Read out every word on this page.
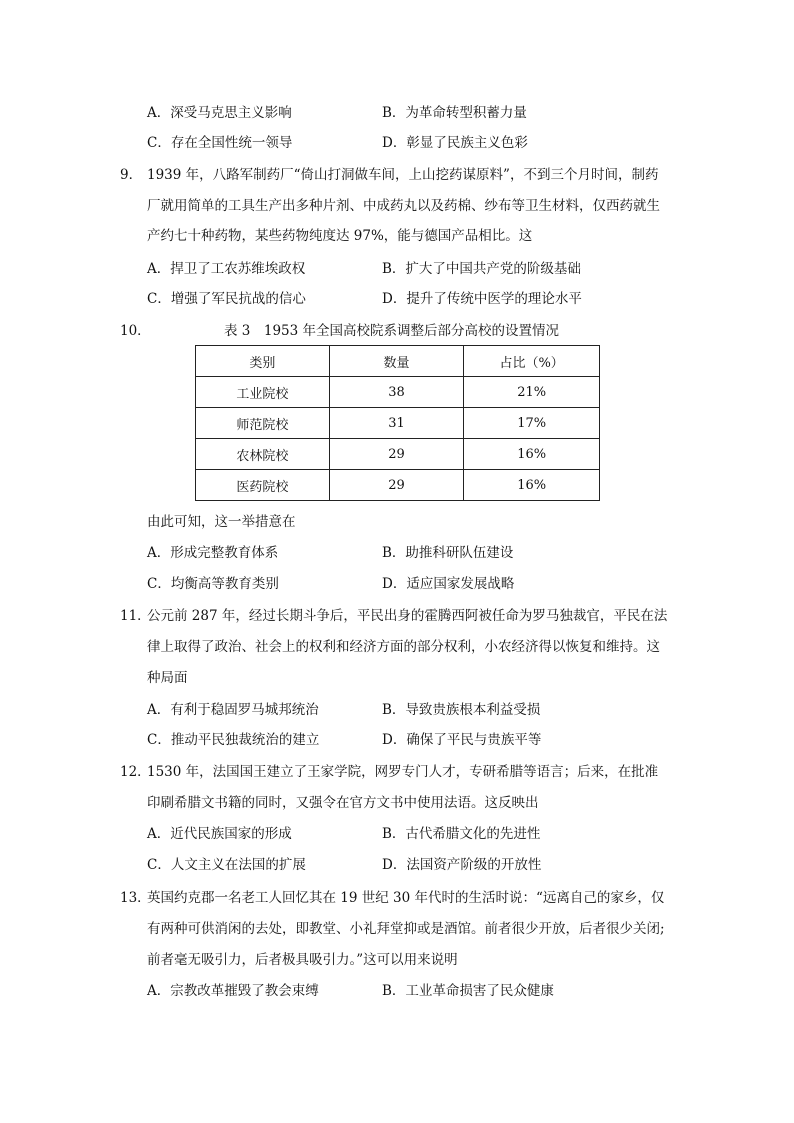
A．深受马克思主义影响	B．为革命转型积蓄力量
C．存在全国性统一领导	D．彰显了民族主义色彩
9． 1939 年，八路军制药厂“倚山打洞做车间，上山挖药谋原料”，不到三个月时间，制药
厂就用简单的工具生产出多种片剂、中成药丸以及药棉、纱布等卫生材料，仅西药就生
产约七十种药物，某些药物纯度达 97%，能与德国产品相比。这
A．捍卫了工农苏维埃政权	B．扩大了中国共产党的阶级基础
C．增强了军民抗战的信心	D．提升了传统中医学的理论水平
10．	表 3　1953 年全国高校院系调整后部分高校的设置情况
类别	数量	占比（%）
工业院校	38	21%
师范院校	31	17%
农林院校	29	16%
医药院校	29	16%
由此可知，这一举措意在
A．形成完整教育体系	B．助推科研队伍建设
C．均衡高等教育类别	D．适应国家发展战略
11．
公元前 287 年，经过长期斗争后，平民出身的霍腾西阿被任命为罗马独裁官，平民在法
律上取得了政治、社会上的权利和经济方面的部分权利，小农经济得以恢复和维持。这
种局面
A．有利于稳固罗马城邦统治	B．导致贵族根本利益受损
C．推动平民独裁统治的建立	D．确保了平民与贵族平等
12．
1530 年，法国国王建立了王家学院，网罗专门人才，专研希腊等语言；后来，在批准
印刷希腊文书籍的同时，又强令在官方文书中使用法语。这反映出
A．近代民族国家的形成	B．古代希腊文化的先进性
C．人文主义在法国的扩展	D．法国资产阶级的开放性
13．
英国约克郡一名老工人回忆其在 19 世纪 30 年代时的生活时说：“远离自己的家乡，仅
有两种可供消闲的去处，即教堂、小礼拜堂抑或是酒馆。前者很少开放，后者很少关闭;
前者毫无吸引力，后者极具吸引力。”这可以用来说明
A．宗教改革摧毁了教会束缚	B．工业革命损害了民众健康
